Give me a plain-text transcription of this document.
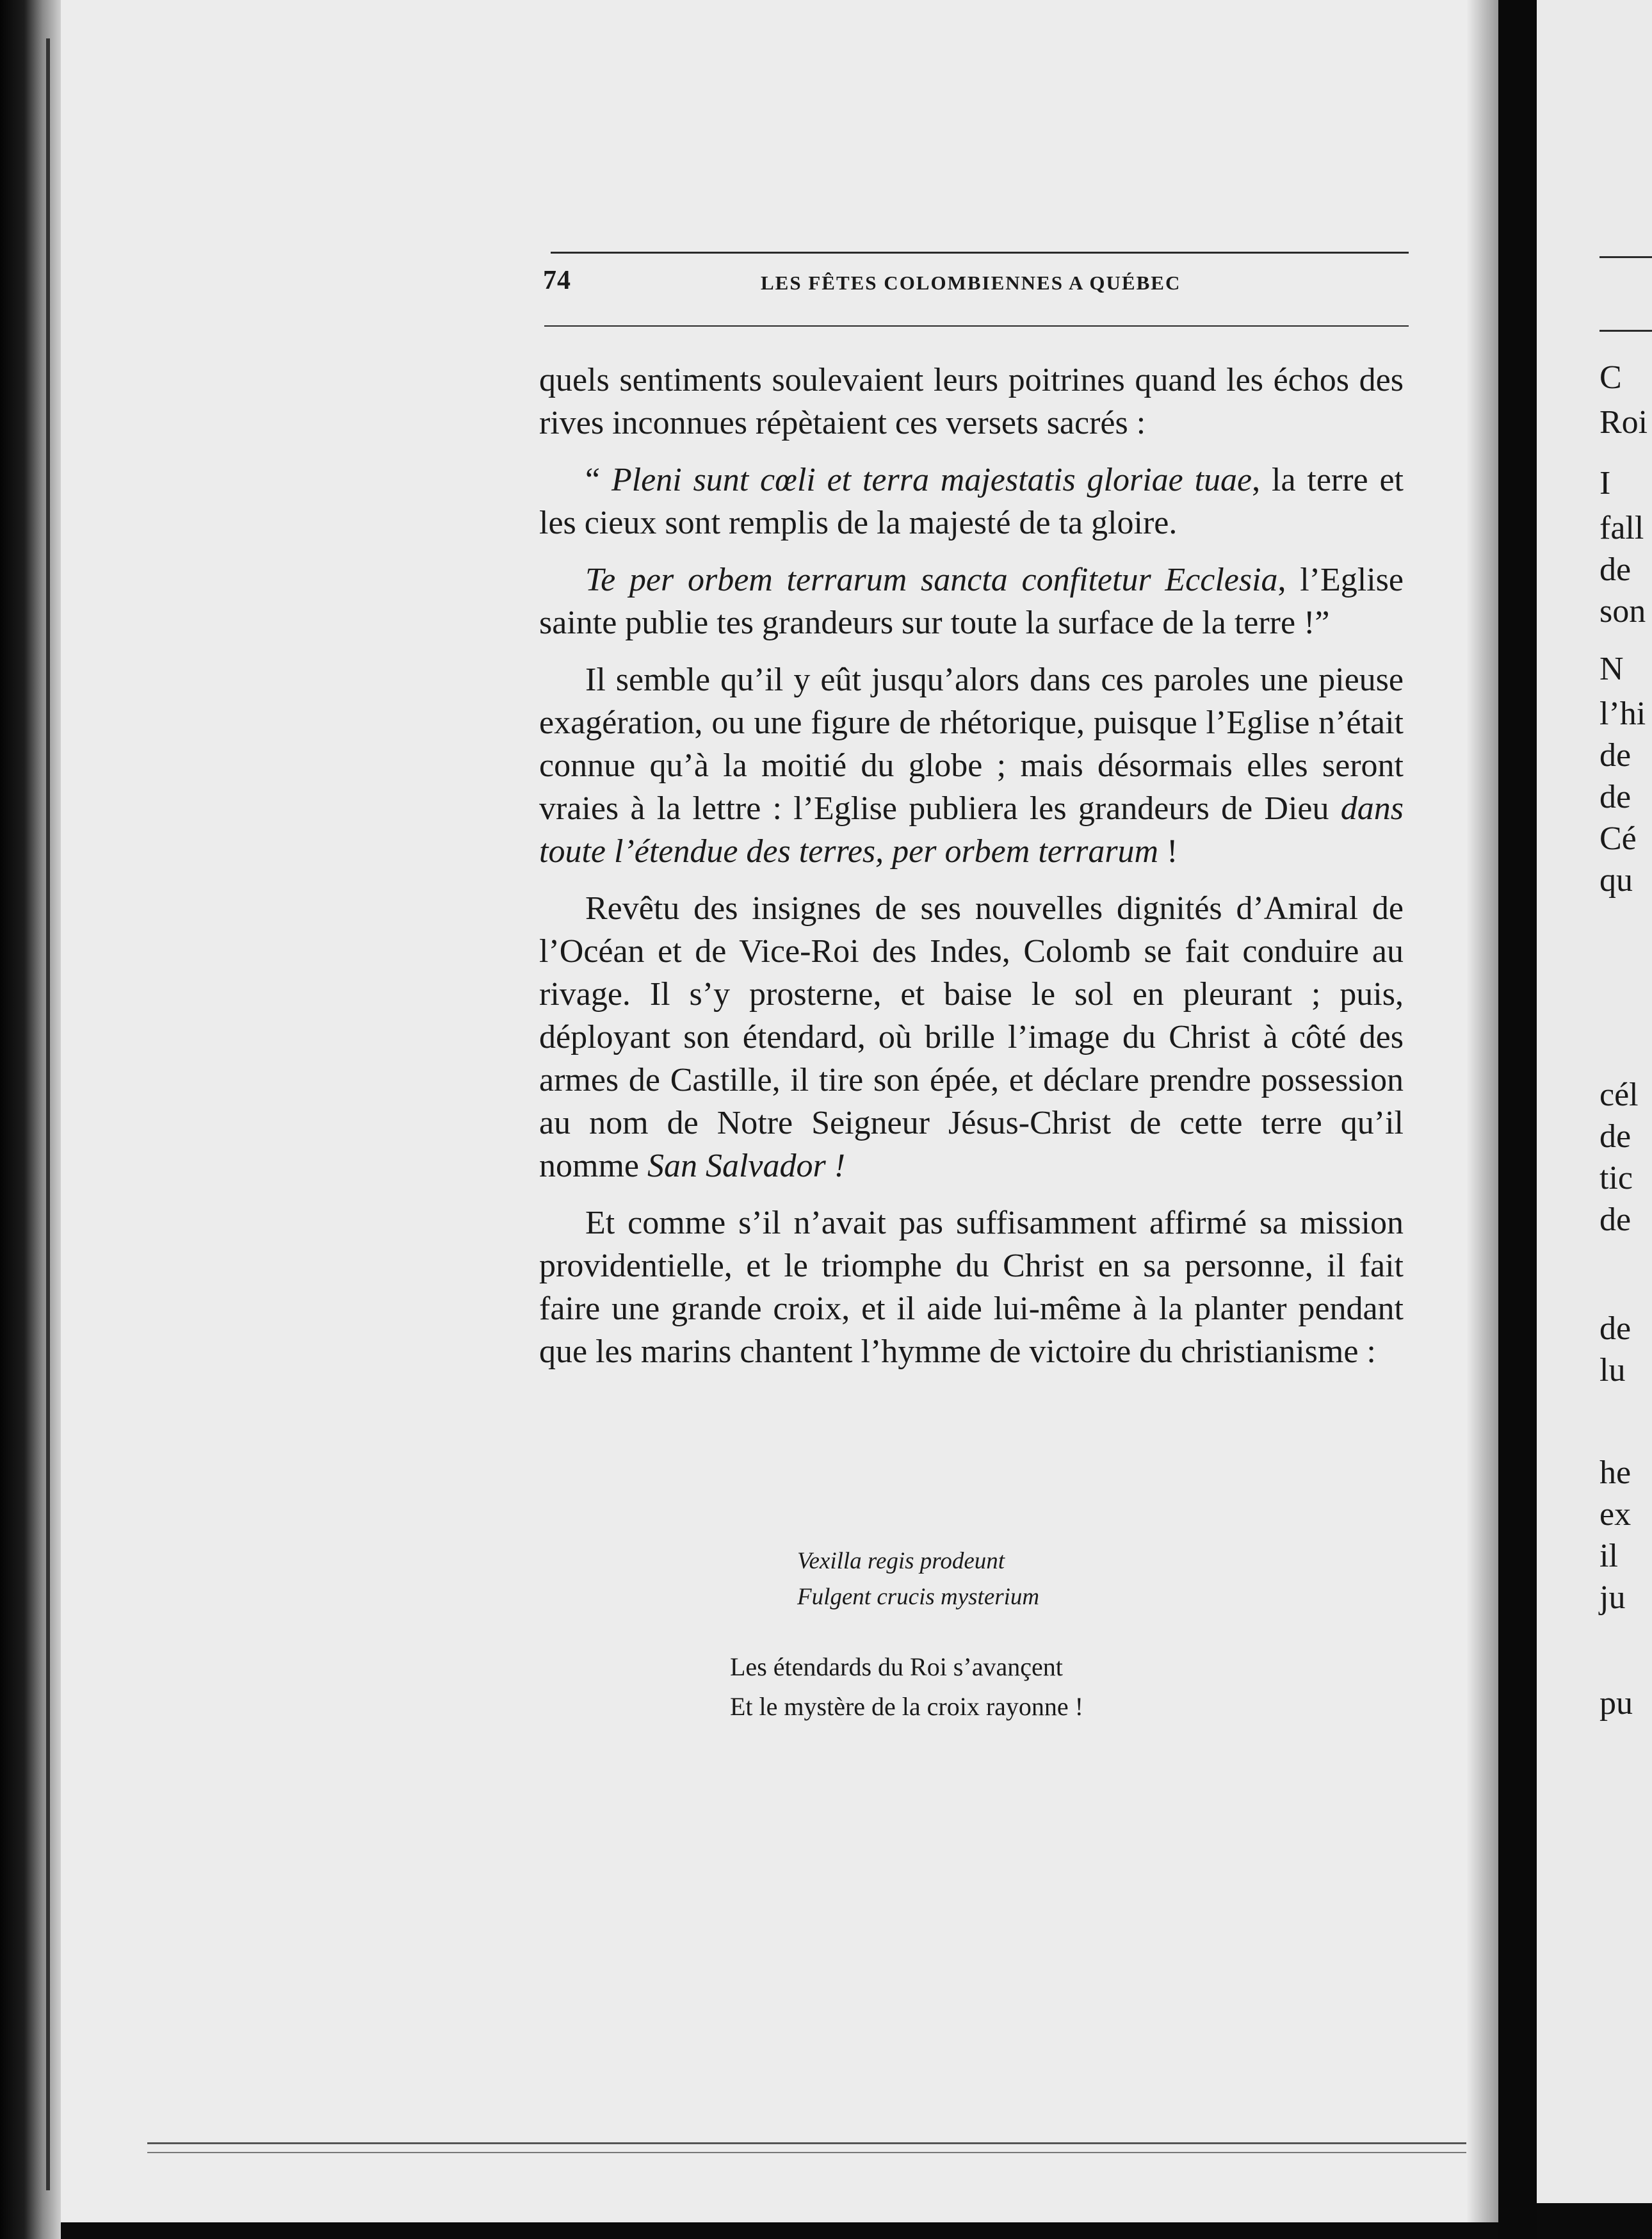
74	LES FÊTES COLOMBIENNES A QUÉBEC

quels sentiments soulevaient leurs poitrines quand les échos des rives inconnues répètaient ces versets sacrés :

“ Pleni sunt cœli et terra majestatis gloriae tuae, la terre et les cieux sont remplis de la majesté de ta gloire.

Te per orbem terrarum sancta confitetur Ecclesia, l’Eglise sainte publie tes grandeurs sur toute la surface de la terre !”

Il semble qu’il y eût jusqu’alors dans ces paroles une pieuse exagération, ou une figure de rhétorique, puisque l’Eglise n’était connue qu’à la moitié du globe ; mais désormais elles seront vraies à la lettre : l’Eglise publiera les grandeurs de Dieu dans toute l’étendue des terres, per orbem terrarum !

Revêtu des insignes de ses nouvelles dignités d’Amiral de l’Océan et de Vice-Roi des Indes, Colomb se fait conduire au rivage. Il s’y prosterne, et baise le sol en pleurant ; puis, déployant son étendard, où brille l’image du Christ à côté des armes de Castille, il tire son épée, et déclare prendre possession au nom de Notre Seigneur Jésus-Christ de cette terre qu’il nomme San Salvador !

Et comme s’il n’avait pas suffisamment affirmé sa mission providentielle, et le triomphe du Christ en sa personne, il fait faire une grande croix, et il aide lui-même à la planter pendant que les marins chantent l’hymme de victoire du christianisme :

Vexilla regis prodeunt
Fulgent crucis mysterium
Les étendards du Roi s’avançent
Et le mystère de la croix rayonne !
C
Roi
I
fall
de
son
N
l’hi
de
de
Cé
qu
cél
de
tic
de
de
lu
he
ex
il
ju
pu
